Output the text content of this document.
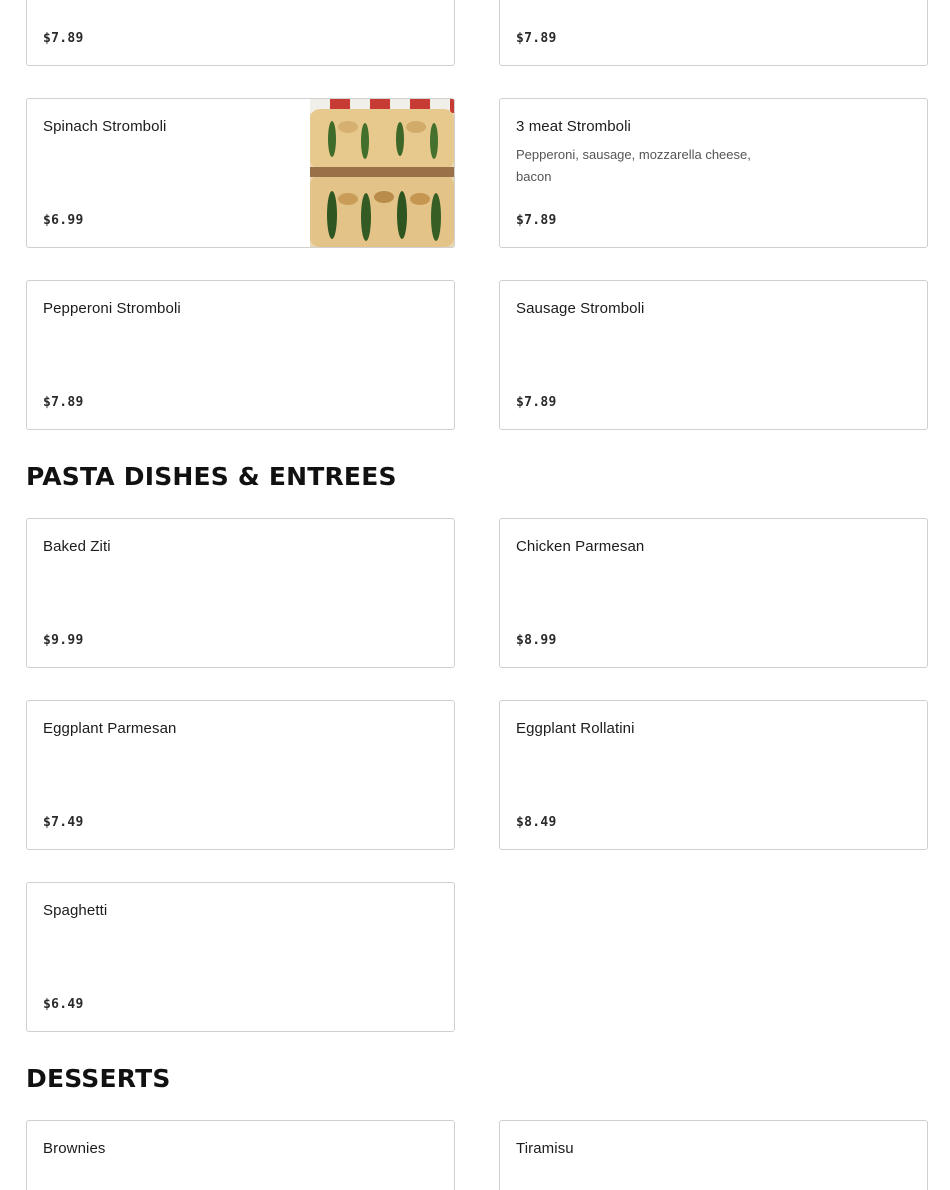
$7.89	$7.89
Spinach Stromboli
$6.99
3 meat Stromboli
Pepperoni, sausage, mozzarella cheese, bacon
$7.89
Pepperoni Stromboli
$7.89
Sausage Stromboli
$7.89
PASTA DISHES & ENTREES
Baked Ziti
$9.99
Chicken Parmesan
$8.99
Eggplant Parmesan
$7.49
Eggplant Rollatini
$8.49
Spaghetti
$6.49
DESSERTS
Brownies	Tiramisu
